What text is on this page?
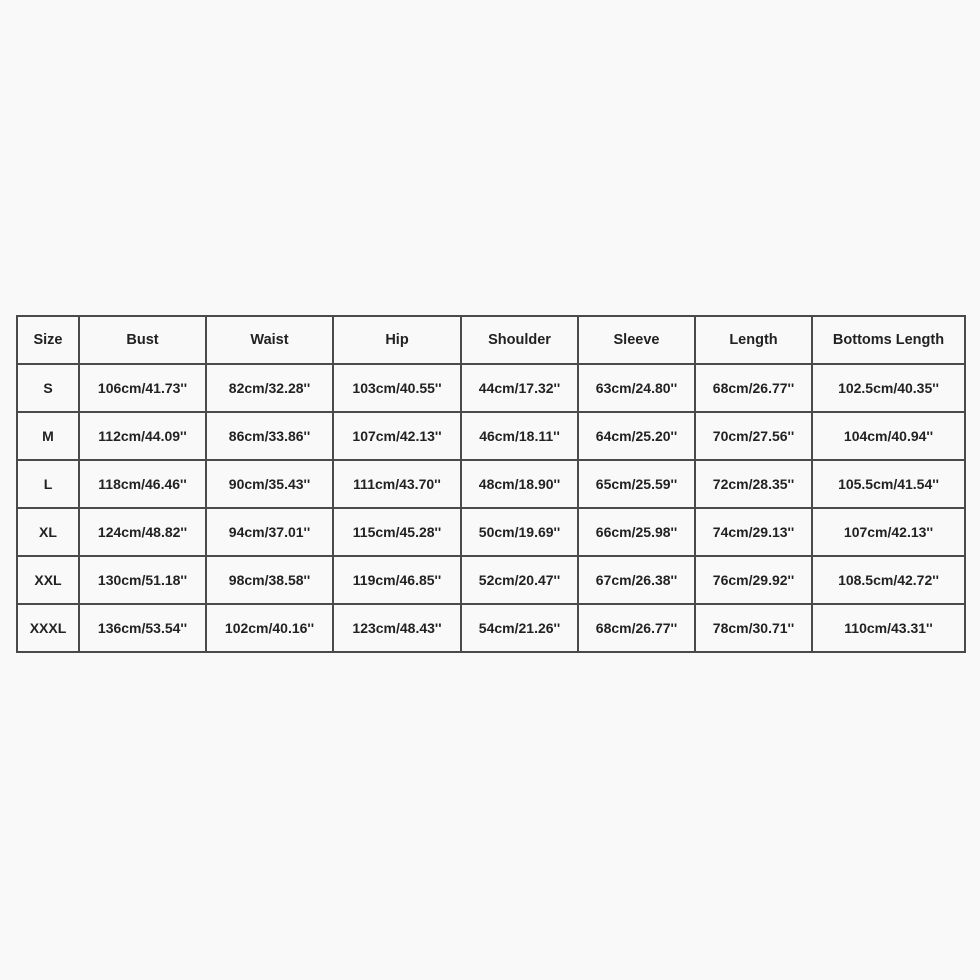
Size	Bust	Waist	Hip	Shoulder	Sleeve	Length	Bottoms Length
S	106cm/41.73''	82cm/32.28''	103cm/40.55''	44cm/17.32''	63cm/24.80''	68cm/26.77''	102.5cm/40.35''
M	112cm/44.09''	86cm/33.86''	107cm/42.13''	46cm/18.11''	64cm/25.20''	70cm/27.56''	104cm/40.94''
L	118cm/46.46''	90cm/35.43''	111cm/43.70''	48cm/18.90''	65cm/25.59''	72cm/28.35''	105.5cm/41.54''
XL	124cm/48.82''	94cm/37.01''	115cm/45.28''	50cm/19.69''	66cm/25.98''	74cm/29.13''	107cm/42.13''
XXL	130cm/51.18''	98cm/38.58''	119cm/46.85''	52cm/20.47''	67cm/26.38''	76cm/29.92''	108.5cm/42.72''
XXXL	136cm/53.54''	102cm/40.16''	123cm/48.43''	54cm/21.26''	68cm/26.77''	78cm/30.71''	110cm/43.31''
